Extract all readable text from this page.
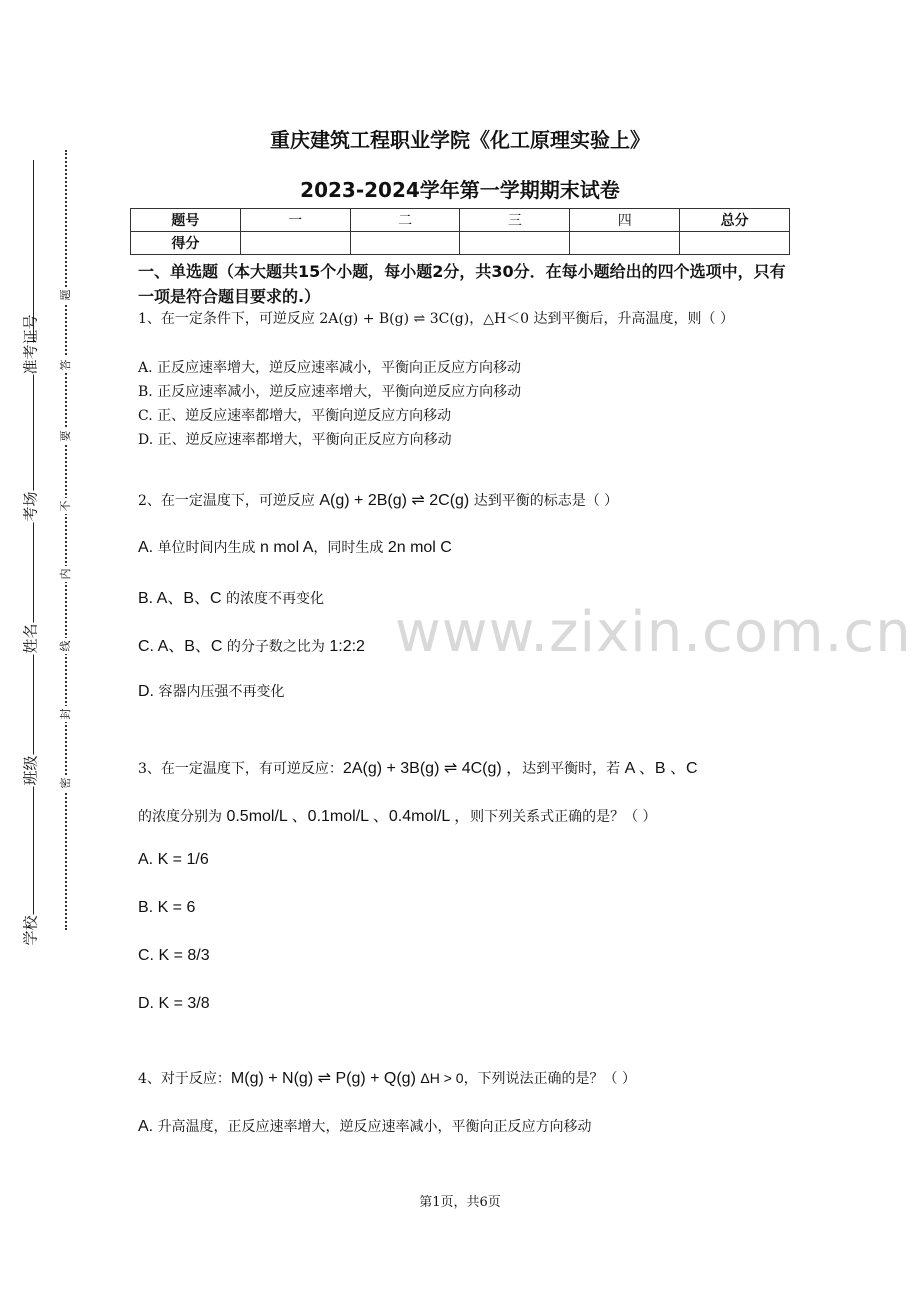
学校
班级
姓名
考场
准考证号
密
封
线
内
不
要
答
题
www.zixin.com.cn
重庆建筑工程职业学院《化工原理实验上》
2023-2024学年第一学期期末试卷
题号	一	二	三	四	总分
得分					
一、单选题（本大题共15个小题，每小题2分，共30分．在每小题给出的四个选项中，只有一项是符合题目要求的.）
1、在一定条件下，可逆反应 2A(g) + B(g) ⇌ 3C(g)，△H＜0 达到平衡后，升高温度，则（ ）
A. 正反应速率增大，逆反应速率减小，平衡向正反应方向移动
B. 正反应速率减小，逆反应速率增大，平衡向逆反应方向移动
C. 正、逆反应速率都增大，平衡向逆反应方向移动
D. 正、逆反应速率都增大，平衡向正反应方向移动
2、在一定温度下，可逆反应 A(g) + 2B(g) ⇌ 2C(g) 达到平衡的标志是（ ）
A. 单位时间内生成 n mol A，同时生成 2n mol C
B. A、B、C 的浓度不再变化
C. A、B、C 的分子数之比为 1:2:2
D. 容器内压强不再变化
3、在一定温度下，有可逆反应：2A(g) + 3B(g) ⇌ 4C(g) ，达到平衡时，若 A 、B 、C
的浓度分别为 0.5mol/L 、0.1mol/L 、0.4mol/L ，则下列关系式正确的是？（ ）
A. K = 1/6
B. K = 6
C. K = 8/3
D. K = 3/8
4、对于反应：M(g) + N(g) ⇌ P(g) + Q(g) ΔH > 0，下列说法正确的是？（ ）
A. 升高温度，正反应速率增大，逆反应速率减小，平衡向正反应方向移动
第1页，共6页
